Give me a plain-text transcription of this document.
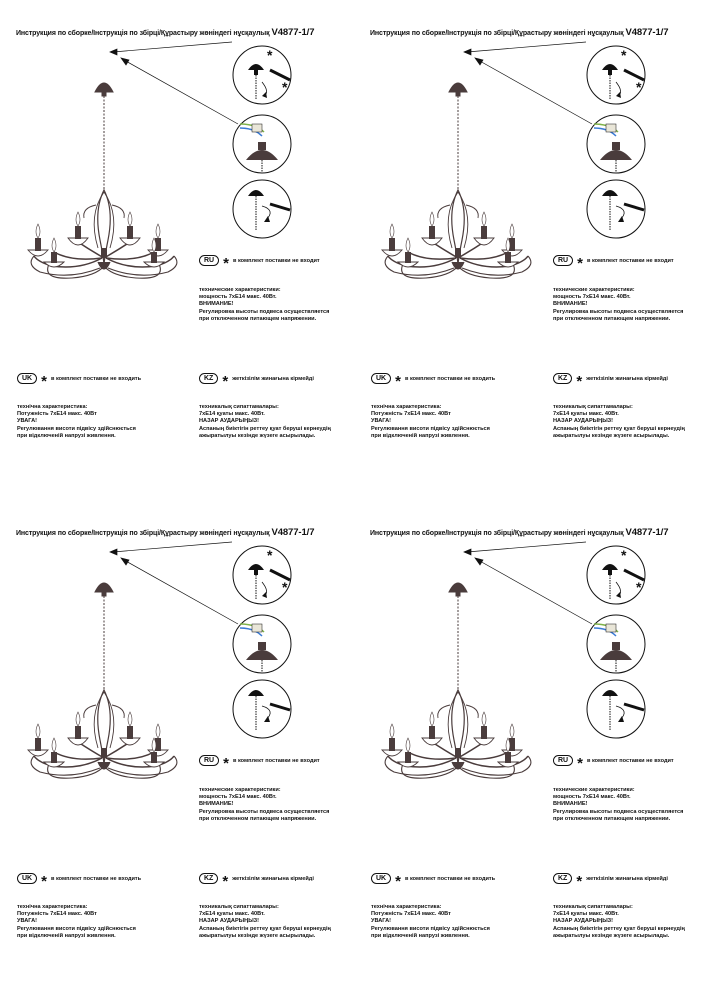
Инструкция по сборке/Інструкція по збірці/Құрастыру жөніндегі нұсқаулық V4877-1/7
*
*
RU * в комплект поставки не входит
технические характеристики:
мощность 7xE14 макс. 40Вт.
ВНИМАНИЕ!
Регулировка высоты подвеса осуществляется
при отключенном питающем напряжении.
UK * в комплект поставки не входить
технічна характеристика:
Потужність 7xE14 макс. 40Вт
УВАГА!
Регулювання висоти підвісу здійснюється
при відключеній напрузі живлення.
KZ * жеткізілім жинағына кірмейді
техникалық сипаттамалары:
7xE14 қуаты макс. 40Вт.
НАЗАР АУДАРЫҢЫЗ!
Аспаның биіктігін реттеу қуат беруші кернеудің
ажыратылуы кезінде жүзеге асырылады.
Инструкция по сборке/Інструкція по збірці/Құрастыру жөніндегі нұсқаулық V4877-1/7
*
*
RU * в комплект поставки не входит
технические характеристики:
мощность 7xE14 макс. 40Вт.
ВНИМАНИЕ!
Регулировка высоты подвеса осуществляется
при отключенном питающем напряжении.
UK * в комплект поставки не входить
технічна характеристика:
Потужність 7xE14 макс. 40Вт
УВАГА!
Регулювання висоти підвісу здійснюється
при відключеній напрузі живлення.
KZ * жеткізілім жинағына кірмейді
техникалық сипаттамалары:
7xE14 қуаты макс. 40Вт.
НАЗАР АУДАРЫҢЫЗ!
Аспаның биіктігін реттеу қуат беруші кернеудің
ажыратылуы кезінде жүзеге асырылады.
Инструкция по сборке/Інструкція по збірці/Құрастыру жөніндегі нұсқаулық V4877-1/7
*
*
RU * в комплект поставки не входит
технические характеристики:
мощность 7xE14 макс. 40Вт.
ВНИМАНИЕ!
Регулировка высоты подвеса осуществляется
при отключенном питающем напряжении.
UK * в комплект поставки не входить
технічна характеристика:
Потужність 7xE14 макс. 40Вт
УВАГА!
Регулювання висоти підвісу здійснюється
при відключеній напрузі живлення.
KZ * жеткізілім жинағына кірмейді
техникалық сипаттамалары:
7xE14 қуаты макс. 40Вт.
НАЗАР АУДАРЫҢЫЗ!
Аспаның биіктігін реттеу қуат беруші кернеудің
ажыратылуы кезінде жүзеге асырылады.
Инструкция по сборке/Інструкція по збірці/Құрастыру жөніндегі нұсқаулық V4877-1/7
*
*
RU * в комплект поставки не входит
технические характеристики:
мощность 7xE14 макс. 40Вт.
ВНИМАНИЕ!
Регулировка высоты подвеса осуществляется
при отключенном питающем напряжении.
UK * в комплект поставки не входить
технічна характеристика:
Потужність 7xE14 макс. 40Вт
УВАГА!
Регулювання висоти підвісу здійснюється
при відключеній напрузі живлення.
KZ * жеткізілім жинағына кірмейді
техникалық сипаттамалары:
7xE14 қуаты макс. 40Вт.
НАЗАР АУДАРЫҢЫЗ!
Аспаның биіктігін реттеу қуат беруші кернеудің
ажыратылуы кезінде жүзеге асырылады.
